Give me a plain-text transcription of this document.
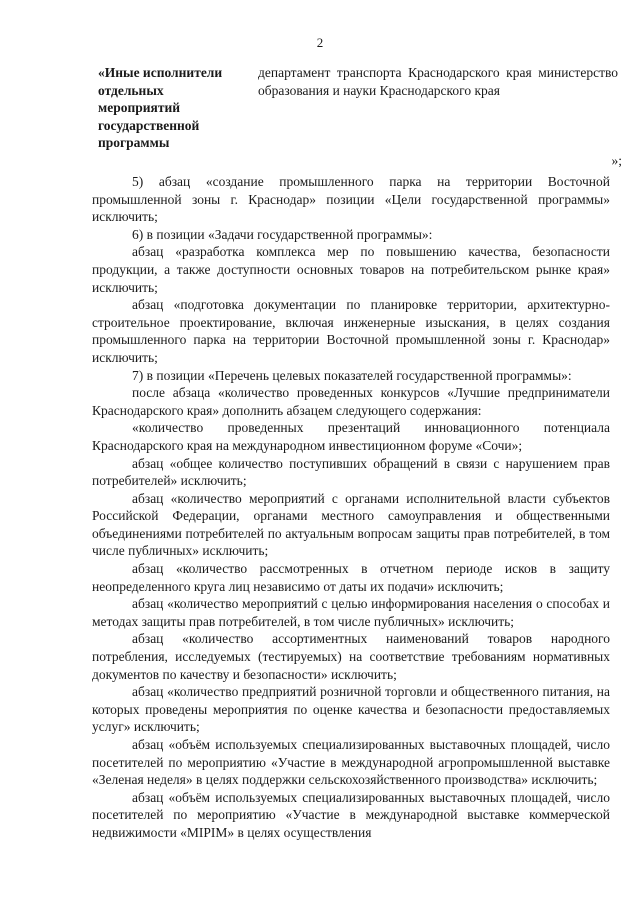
2
«Иные исполнители отдельных мероприятий государственной программы
департамент транспорта Краснодарского края министерство образования и науки Краснодарского края
»;

5) абзац «создание промышленного парка на территории Восточной промышленной зоны г. Краснодар» позиции «Цели государственной программы» исключить;

6) в позиции «Задачи государственной программы»:

абзац «разработка комплекса мер по повышению качества, безопасности продукции, а также доступности основных товаров на потребительском рынке края» исключить;

абзац «подготовка документации по планировке территории, архитектурно-строительное проектирование, включая инженерные изыскания, в целях создания промышленного парка на территории Восточной промышленной зоны г. Краснодар» исключить;

7) в позиции «Перечень целевых показателей государственной программы»:

после абзаца «количество проведенных конкурсов «Лучшие предприниматели Краснодарского края» дополнить абзацем следующего содержания:

«количество проведенных презентаций инновационного потенциала Краснодарского края на международном инвестиционном форуме «Сочи»;

абзац «общее количество поступивших обращений в связи с нарушением прав потребителей» исключить;

абзац «количество мероприятий с органами исполнительной власти субъектов Российской Федерации, органами местного самоуправления и общественными объединениями потребителей по актуальным вопросам защиты прав потребителей, в том числе публичных» исключить;

абзац «количество рассмотренных в отчетном периоде исков в защиту неопределенного круга лиц независимо от даты их подачи» исключить;

абзац «количество мероприятий с целью информирования населения о способах и методах защиты прав потребителей, в том числе публичных» исключить;

абзац «количество ассортиментных наименований товаров народного потребления, исследуемых (тестируемых) на соответствие требованиям нормативных документов по качеству и безопасности» исключить;

абзац «количество предприятий розничной торговли и общественного питания, на которых проведены мероприятия по оценке качества и безопасности предоставляемых услуг» исключить;

абзац «объём используемых специализированных выставочных площадей, число посетителей по мероприятию «Участие в международной агропромышленной выставке «Зеленая неделя» в целях поддержки сельскохозяйственного производства» исключить;

абзац «объём используемых специализированных выставочных площадей, число посетителей по мероприятию «Участие в международной выставке коммерческой недвижимости «MIPIM» в целях осуществления
